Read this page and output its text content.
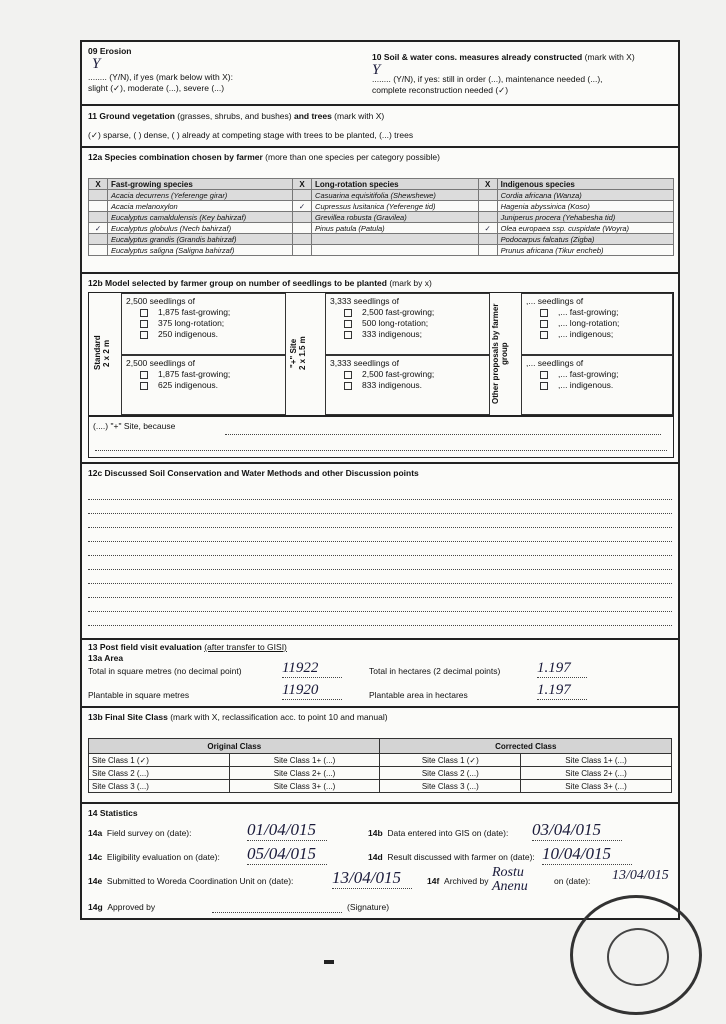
09 Erosion
Y
........ (Y/N), if yes (mark below with X):
slight (✓), moderate (...), severe (...)
10 Soil & water cons. measures already constructed (mark with X)
Y
........ (Y/N), if yes: still in order (...), maintenance needed (...),
complete reconstruction needed (✓)
11 Ground vegetation (grasses, shrubs, and bushes) and trees (mark with X)
(✓) sparse, ( ) dense, ( ) already at competing stage with trees to be planted, (...) trees
12a Species combination chosen by farmer (more than one species per category possible)
X	Fast-growing species	X	Long-rotation species	X	Indigenous species
	Acacia decurrens (Yeferenge girar)		Casuarina equisitifolia (Shewshewe)		Cordia africana (Wanza)
	Acacia melanoxylon	✓	Cupressus lusitanica (Yeferenge tid)		Hagenia abyssinica (Koso)
	Eucalyptus camaldulensis (Key bahirzaf)		Grevillea robusta (Gravilea)		Juniperus procera (Yehabesha tid)
✓	Eucalyptus globulus (Nech bahirzaf)		Pinus patula (Patula)	✓	Olea europaea ssp. cuspidate (Woyra)
	Eucalyptus grandis (Grandis bahirzaf)				Podocarpus falcatus (Zigba)
	Eucalyptus saligna (Saligna bahirzaf)				Prunus africana (Tikur encheb)
12b Model selected by farmer group on number of seedlings to be planted (mark by x)
Standard
2 x 2 m
2,500 seedlings of
1,875 fast-growing;
375 long-rotation;
250 indigenous.
2,500 seedlings of
1,875 fast-growing;
625 indigenous.
"+" Site
2 x 1.5 m
3,333 seedlings of
2,500 fast-growing;
500 long-rotation;
333 indigenous;
3,333 seedlings of
2,500 fast-growing;
833 indigenous.	Other proposals by farmer group
,... seedlings of
,... fast-growing;
,... long-rotation;
,... indigenous;
,... seedlings of
,... fast-growing;
,... indigenous.
(....) "+" Site, because
12c Discussed Soil Conservation and Water Methods and other Discussion points
13 Post field visit evaluation (after transfer to GISI)
13a Area
Total in square metres (no decimal point)	11922
Plantable in square metres	11920
Total in hectares (2 decimal points) 1.197
Plantable area in hectares	1.197
13b Final Site Class (mark with X, reclassification acc. to point 10 and manual)
Original Class		Corrected Class	
Site Class 1 (✓)	Site Class 1+ (...)	Site Class 1 (✓)	Site Class 1+ (...)
Site Class 2 (...)	Site Class 2+ (...)	Site Class 2 (...)	Site Class 2+ (...)
Site Class 3 (...)	Site Class 3+ (...)	Site Class 3 (...)	Site Class 3+ (...)
14 Statistics
14a Field survey on (date):	01/04/015	14b Data entered into GIS on (date): 03/04/015
14c Eligibility evaluation on (date): 05/04/015	14d Result discussed with farmer on (date): 10/04/015
14e Submitted to Woreda Coordination Unit on (date): 13/04/015	14f Archived by
Rostu Anenu	on (date): 13/04/015
14g Approved by	(Signature)
